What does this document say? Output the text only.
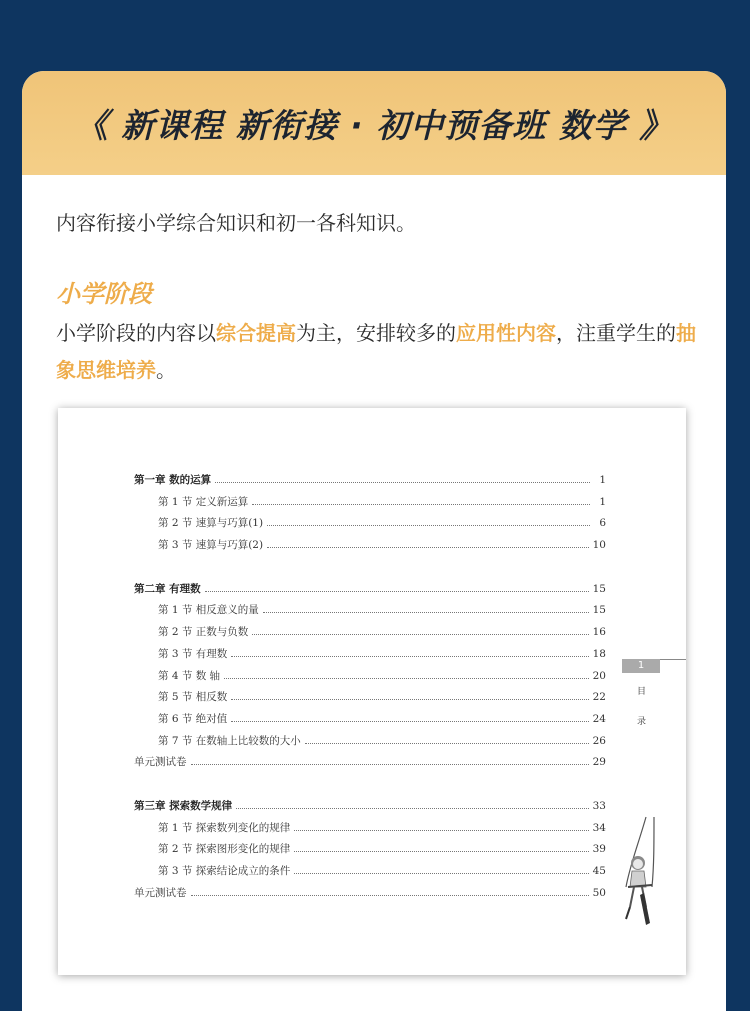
《 新课程 新衔接 · 初中预备班 数学 》

内容衔接小学综合知识和初一各科知识。

小学阶段

小学阶段的内容以综合提高为主，安排较多的应用性内容，注重学生的抽象思维培养。

第一章 数的运算	1
第 1 节 定义新运算	1
第 2 节 速算与巧算(1)	6
第 3 节 速算与巧算(2)	10
第二章 有理数	15
第 1 节 相反意义的量	15
第 2 节 正数与负数	16
第 3 节 有理数	18
第 4 节 数 轴	20
第 5 节 相反数	22
第 6 节 绝对值	24
第 7 节 在数轴上比较数的大小	26
单元测试卷	29
第三章 探索数学规律	33
第 1 节 探索数列变化的规律	34
第 2 节 探索图形变化的规律	39
第 3 节 探索结论成立的条件	45
单元测试卷	50
1
目
录
